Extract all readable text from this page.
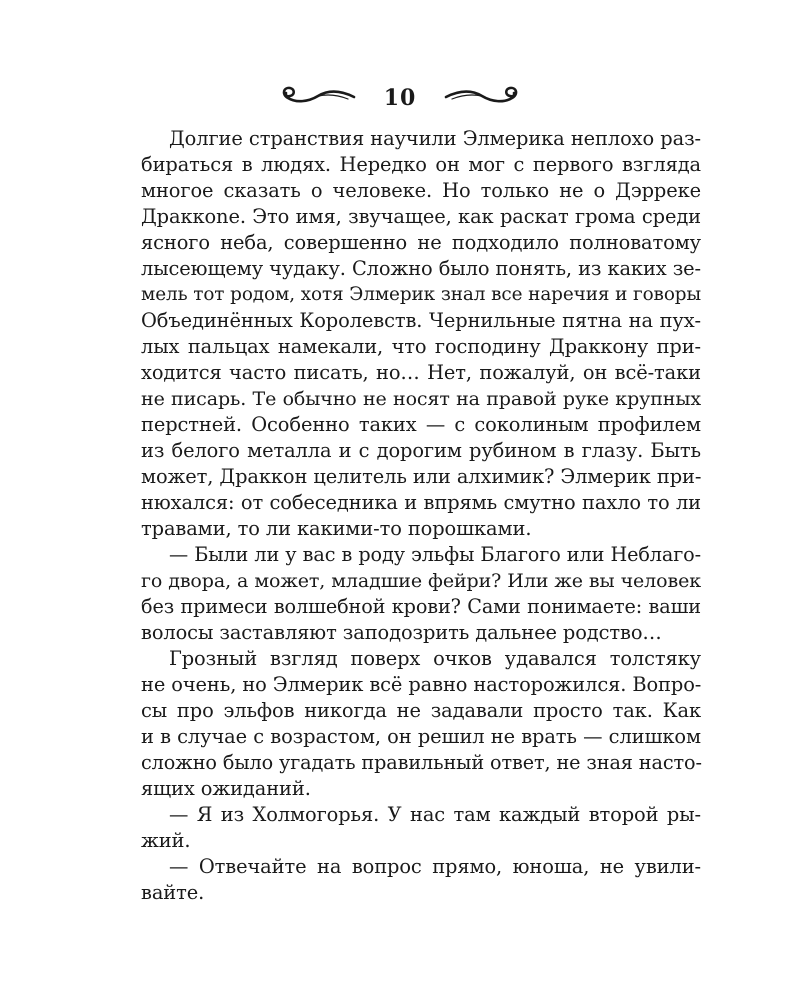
10
Долгие странствия научили Элмерика неплохо раз-
бираться в людях. Нередко он мог с первого взгляда
многое сказать о человеке. Но только не о Дэрреке
Драккone. Это имя, звучащее, как раскат грома среди
ясного неба, совершенно не подходило полноватому
лысеющему чудаку. Сложно было понять, из каких зе-
мель тот родом, хотя Элмерик знал все наречия и говоры
Объединённых Королевств. Чернильные пятна на пух-
лых пальцах намекали, что господину Драккону при-
ходится часто писать, но… Нет, пожалуй, он всё-таки
не писарь. Те обычно не носят на правой руке крупных
перстней. Особенно таких — с соколиным профилем
из белого металла и с дорогим рубином в глазу. Быть
может, Драккон целитель или алхимик? Элмерик при-
нюхался: от собеседника и впрямь смутно пахло то ли
травами, то ли какими-то порошками.
— Были ли у вас в роду эльфы Благого или Неблаго-
го двора, а может, младшие фейри? Или же вы человек
без примеси волшебной крови? Сами понимаете: ваши
волосы заставляют заподозрить дальнее родство…
Грозный взгляд поверх очков удавался толстяку
не очень, но Элмерик всё равно насторожился. Вопро-
сы про эльфов никогда не задавали просто так. Как
и в случае с возрастом, он решил не врать — слишком
сложно было угадать правильный ответ, не зная насто-
ящих ожиданий.
— Я из Холмогорья. У нас там каждый второй ры-
жий.
— Отвечайте на вопрос прямо, юноша, не увили-
вайте.
